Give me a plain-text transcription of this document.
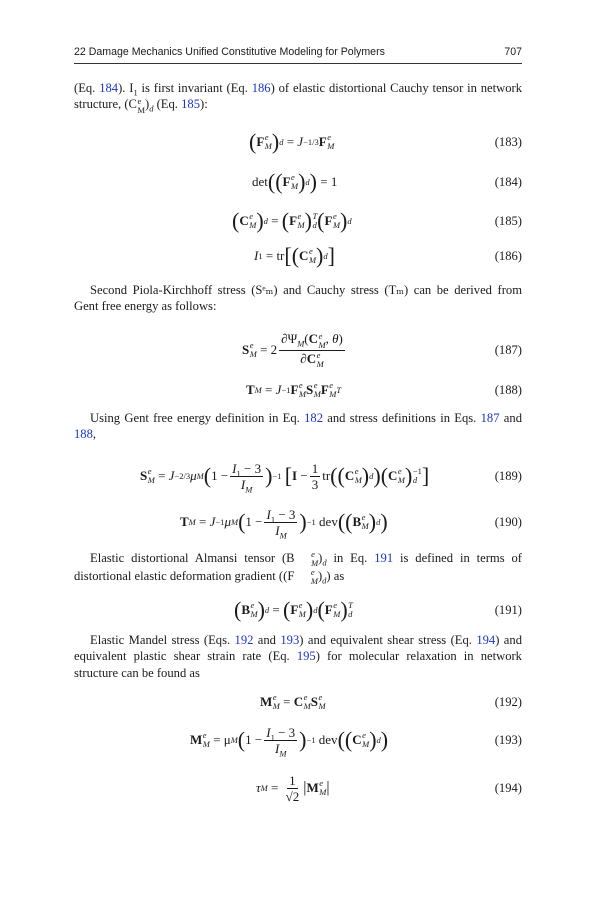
22 Damage Mechanics Unified Constitutive Modeling for Polymers	707
(Eq. 184). $I_1$ is first invariant (Eq. 186) of elastic distortional Cauchy tensor in network structure, (C e
M )$_d$ (Eq. 185):
( F e
M ) d
=
J −1/3 F e
M	(183)
det ( ( F e
M ) d )
=
1	(184)
( C e
M ) d
=
( F e
M ) T
d ( F e
M ) d	(185)
I 1
=
tr [ ( C e
M ) d ]	(186)
Second Piola-Kirchhoff stress (Sᵉₘ) and Cauchy stress (Tₘ) can be derived from Gent free energy as follows:
S e
M
=
2
$\partial\Psi_M(C$ e
M , θ)
∂C e
M
(187)
T M
=
J −1 F e
M S e
M F e
M T	(188)
Using Gent free energy definition in Eq. 182 and stress definitions in Eqs. 187 and 188,
S e
M
=
J −2/3 μ M ( $1 - \frac{I_1 - 3}{I_M}$ ) −1
[ I
− $\frac{1}{3}$ tr ( ( C e
M ) d ) ( C e
M ) −1
d ]	(189)
T M
=
J −1 μ M ( $1 - \frac{I_1 - 3}{I_M}$ ) −1
dev ( ( B e
M ) d )	(190)
Elastic distortional Almansi tensor (B	e
M )$_d$ in Eq. 191 is defined in terms of distortional elastic deformation gradient ((F	e
M )$_d$) as
( B e
M ) d
=
( F e
M ) d ( F e
M ) T
d	(191)
Elastic Mandel stress (Eqs. 192 and 193) and equivalent shear stress (Eq. 194) and equivalent plastic shear strain rate (Eq. 195) for molecular relaxation in network structure can be found as
M e
M
=
C e
M S e
M	(192)
M e
M
=
μ M ( $1 - \frac{I_1 - 3}{I_M}$ ) −1
dev ( ( C e
M ) d )	(193)
τ M
=
$\frac{1}{√2}$ | M e
M |	(194)
